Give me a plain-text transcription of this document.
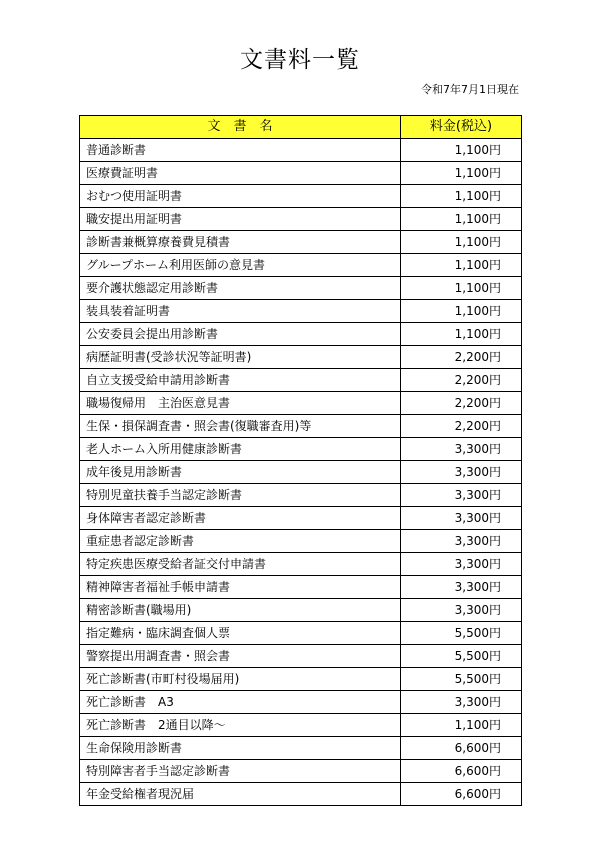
文書料一覧
令和7年7月1日現在
文　書　名	料金(税込)
普通診断書	1,100円
医療費証明書	1,100円
おむつ使用証明書	1,100円
職安提出用証明書	1,100円
診断書兼概算療養費見積書	1,100円
グループホーム利用医師の意見書	1,100円
要介護状態認定用診断書	1,100円
装具装着証明書	1,100円
公安委員会提出用診断書	1,100円
病歴証明書(受診状況等証明書)	2,200円
自立支援受給申請用診断書	2,200円
職場復帰用　主治医意見書	2,200円
生保・損保調査書・照会書(復職審査用)等	2,200円
老人ホーム入所用健康診断書	3,300円
成年後見用診断書	3,300円
特別児童扶養手当認定診断書	3,300円
身体障害者認定診断書	3,300円
重症患者認定診断書	3,300円
特定疾患医療受給者証交付申請書	3,300円
精神障害者福祉手帳申請書	3,300円
精密診断書(職場用)	3,300円
指定難病・臨床調査個人票	5,500円
警察提出用調査書・照会書	5,500円
死亡診断書(市町村役場届用)	5,500円
死亡診断書　A3	3,300円
死亡診断書　2通目以降～	1,100円
生命保険用診断書	6,600円
特別障害者手当認定診断書	6,600円
年金受給権者現況届	6,600円
